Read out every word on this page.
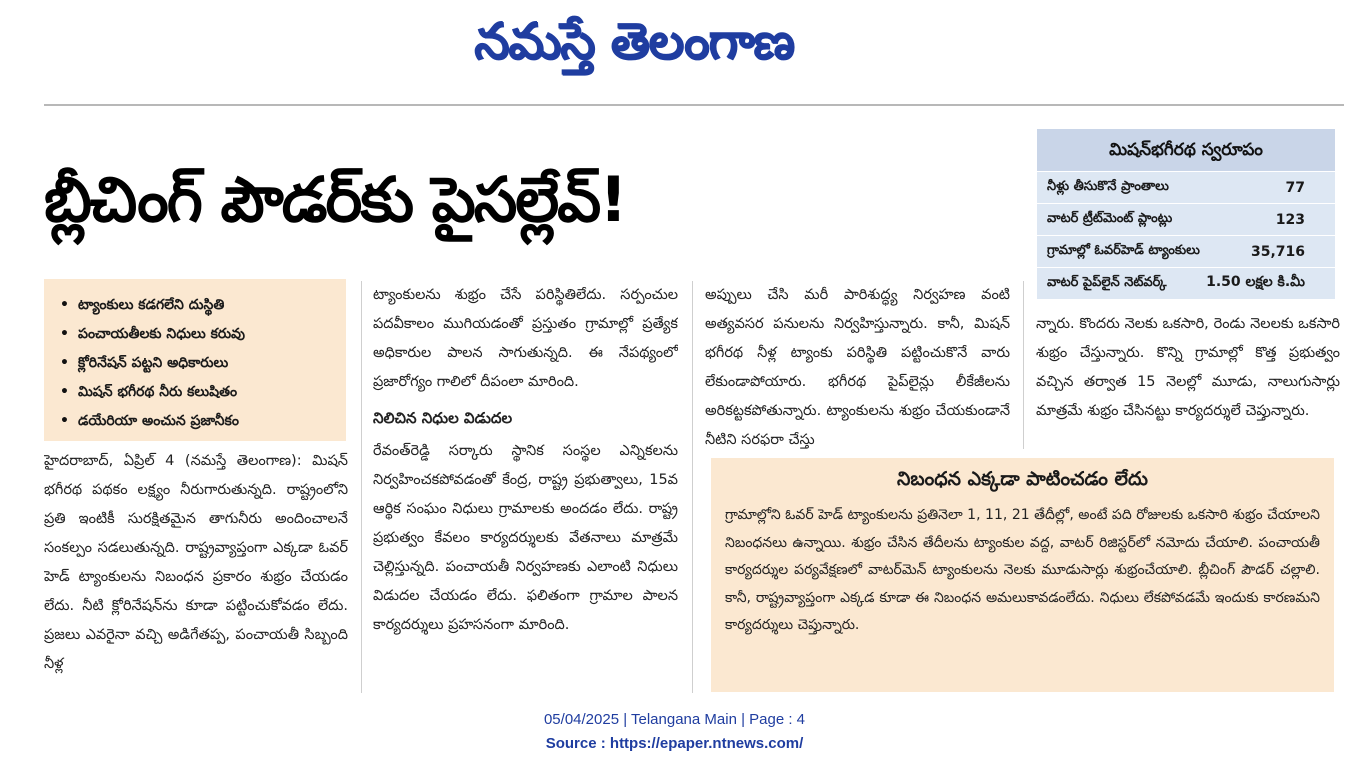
నమస్తే తెలంగాణ
బ్లీచింగ్ పౌడర్‌కు పైసల్లేవ్!
మిషన్‌భగీరథ స్వరూపం
నీళ్లు తీసుకొనే ప్రాంతాలు	77
వాటర్ ట్రీట్‌మెంట్ ప్లాంట్లు	123
గ్రామాల్లో ఓవర్‌హెడ్ ట్యాంకులు	35,716
వాటర్ పైప్‌లైన్ నెట్‌వర్క్	1.50 లక్షల కి.మీ
• ట్యాంకులు కడగలేని దుస్థితి
• పంచాయతీలకు నిధులు కరువు
• క్లోరినేషన్ పట్టని అధికారులు
• మిషన్ భగీరథ నీరు కలుషితం
• డయేరియా అంచున ప్రజానీకం

హైదరాబాద్, ఏప్రిల్ 4 (నమస్తే తెలంగాణ): మిషన్ భగీరథ పథకం లక్ష్యం నీరుగారుతున్నది. రాష్ట్రంలోని ప్రతి ఇంటికీ సురక్షితమైన తాగునీరు అందించాలనే సంకల్పం సడలుతున్నది. రాష్ట్రవ్యాప్తంగా ఎక్కడా ఓవర్ హెడ్ ట్యాంకులను నిబంధన ప్రకారం శుభ్రం చేయడం లేదు. నీటి క్లోరినేషన్‌ను కూడా పట్టించుకోవడం లేదు. ప్రజలు ఎవరైనా వచ్చి అడిగేతప్ప, పంచాయతీ సిబ్బంది నీళ్ల

ట్యాంకులను శుభ్రం చేసే పరిస్థితిలేదు. సర్పంచుల పదవీకాలం ముగియడంతో ప్రస్తుతం గ్రామాల్లో ప్రత్యేక అధికారుల పాలన సాగుతున్నది. ఈ నేపథ్యంలో ప్రజారోగ్యం గాలిలో దీపంలా మారింది.

నిలిచిన నిధుల విడుదల

రేవంత్‌రెడ్డి సర్కారు స్థానిక సంస్థల ఎన్నికలను నిర్వహించకపోవడంతో కేంద్ర, రాష్ట్ర ప్రభుత్వాలు, 15వ ఆర్థిక సంఘం నిధులు గ్రామాలకు అందడం లేదు. రాష్ట్ర ప్రభుత్వం కేవలం కార్యదర్శులకు వేతనాలు మాత్రమే చెల్లిస్తున్నది. పంచాయతీ నిర్వహణకు ఎలాంటి నిధులు విడుదల చేయడం లేదు. ఫలితంగా గ్రామాల పాలన కార్యదర్శులు ప్రహసనంగా మారింది.

అప్పులు చేసి మరీ పారిశుద్ధ్య నిర్వహణ వంటి అత్యవసర పనులను నిర్వహిస్తున్నారు. కానీ, మిషన్ భగీరథ నీళ్ల ట్యాంకు పరిస్థితి పట్టించుకొనే వారు లేకుండాపోయారు. భగీరథ పైప్‌లైన్లు లీకేజీలను అరికట్టకపోతున్నారు. ట్యాంకులను శుభ్రం చేయకుండానే నీటిని సరఫరా చేస్తు

న్నారు. కొందరు నెలకు ఒకసారి, రెండు నెలలకు ఒకసారి శుభ్రం చేస్తున్నారు. కొన్ని గ్రామాల్లో కొత్త ప్రభుత్వం వచ్చిన తర్వాత 15 నెలల్లో మూడు, నాలుగుసార్లు మాత్రమే శుభ్రం చేసినట్టు కార్యదర్శులే చెప్తున్నారు.

నిబంధన ఎక్కడా పాటించడం లేదు
గ్రామాల్లోని ఓవర్ హెడ్ ట్యాంకులను ప్రతినెలా 1, 11, 21 తేదీల్లో, అంటే పది రోజులకు ఒకసారి శుభ్రం చేయాలని నిబంధనలు ఉన్నాయి. శుభ్రం చేసిన తేదీలను ట్యాంకుల వద్ద, వాటర్ రిజిస్టర్‌లో నమోదు చేయాలి. పంచాయతీ కార్యదర్శుల పర్యవేక్షణలో వాటర్‌మెన్ ట్యాంకులను నెలకు మూడుసార్లు శుభ్రంచేయాలి. బ్లీచింగ్ పౌడర్ చల్లాలి. కానీ, రాష్ట్రవ్యాప్తంగా ఎక్కడ కూడా ఈ నిబంధన అమలుకావడంలేదు. నిధులు లేకపోవడమే ఇందుకు కారణమని కార్యదర్శులు చెప్తున్నారు.
05/04/2025 | Telangana Main | Page : 4
Source : https://epaper.ntnews.com/
